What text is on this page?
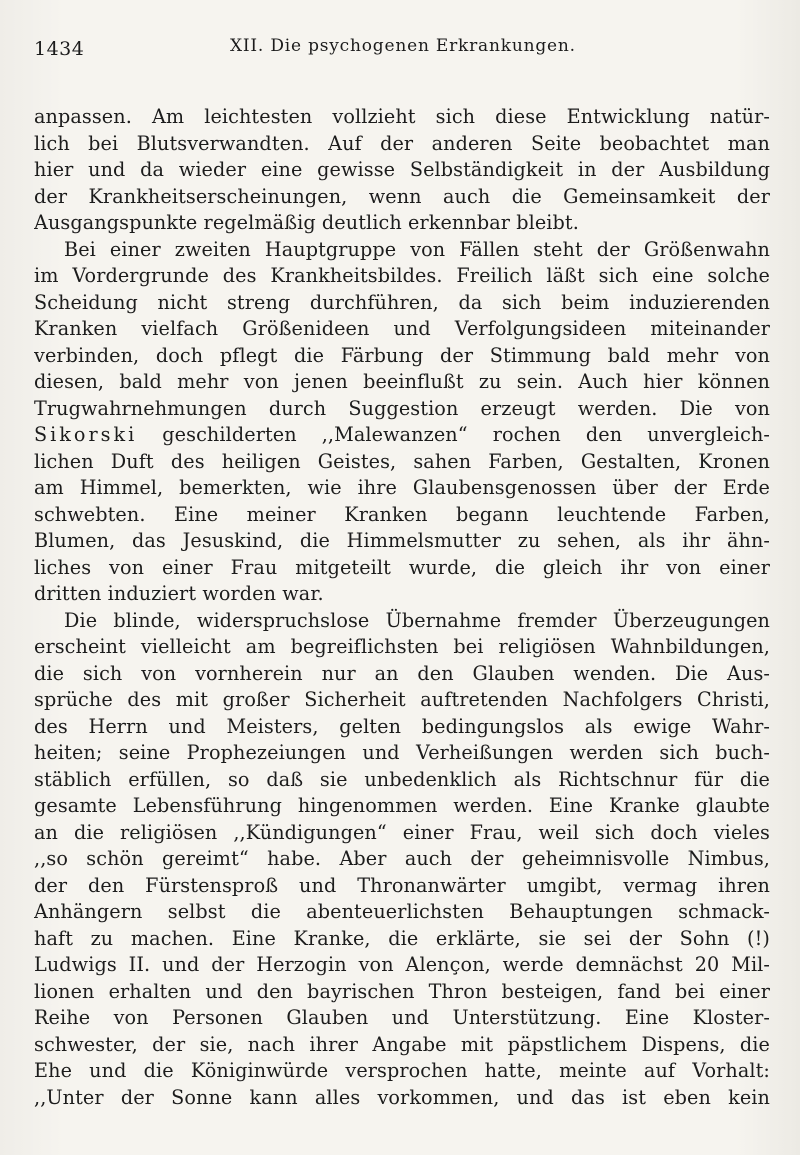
1434	XII. Die psychogenen Erkrankungen.
anpassen. Am leichtesten vollzieht sich diese Entwicklung natür-
lich bei Blutsverwandten. Auf der anderen Seite beobachtet man
hier und da wieder eine gewisse Selbständigkeit in der Ausbildung
der Krankheitserscheinungen, wenn auch die Gemeinsamkeit der
Ausgangspunkte regelmäßig deutlich erkennbar bleibt.
Bei einer zweiten Hauptgruppe von Fällen steht der Größenwahn
im Vordergrunde des Krankheitsbildes. Freilich läßt sich eine solche
Scheidung nicht streng durchführen, da sich beim induzierenden
Kranken vielfach Größenideen und Verfolgungsideen miteinander
verbinden, doch pflegt die Färbung der Stimmung bald mehr von
diesen, bald mehr von jenen beeinflußt zu sein. Auch hier können
Trugwahrnehmungen durch Suggestion erzeugt werden. Die von
Sikorski geschilderten ,,Malewanzen“ rochen den unvergleich-
lichen Duft des heiligen Geistes, sahen Farben, Gestalten, Kronen
am Himmel, bemerkten, wie ihre Glaubensgenossen über der Erde
schwebten. Eine meiner Kranken begann leuchtende Farben,
Blumen, das Jesuskind, die Himmelsmutter zu sehen, als ihr ähn-
liches von einer Frau mitgeteilt wurde, die gleich ihr von einer
dritten induziert worden war.
Die blinde, widerspruchslose Übernahme fremder Überzeugungen
erscheint vielleicht am begreiflichsten bei religiösen Wahnbildungen,
die sich von vornherein nur an den Glauben wenden. Die Aus-
sprüche des mit großer Sicherheit auftretenden Nachfolgers Christi,
des Herrn und Meisters, gelten bedingungslos als ewige Wahr-
heiten; seine Prophezeiungen und Verheißungen werden sich buch-
stäblich erfüllen, so daß sie unbedenklich als Richtschnur für die
gesamte Lebensführung hingenommen werden. Eine Kranke glaubte
an die religiösen ,,Kündigungen“ einer Frau, weil sich doch vieles
,,so schön gereimt“ habe. Aber auch der geheimnisvolle Nimbus,
der den Fürstensproß und Thronanwärter umgibt, vermag ihren
Anhängern selbst die abenteuerlichsten Behauptungen schmack-
haft zu machen. Eine Kranke, die erklärte, sie sei der Sohn (!)
Ludwigs II. und der Herzogin von Alençon, werde demnächst 20 Mil-
lionen erhalten und den bayrischen Thron besteigen, fand bei einer
Reihe von Personen Glauben und Unterstützung. Eine Kloster-
schwester, der sie, nach ihrer Angabe mit päpstlichem Dispens, die
Ehe und die Königinwürde versprochen hatte, meinte auf Vorhalt:
,,Unter der Sonne kann alles vorkommen, und das ist eben kein
